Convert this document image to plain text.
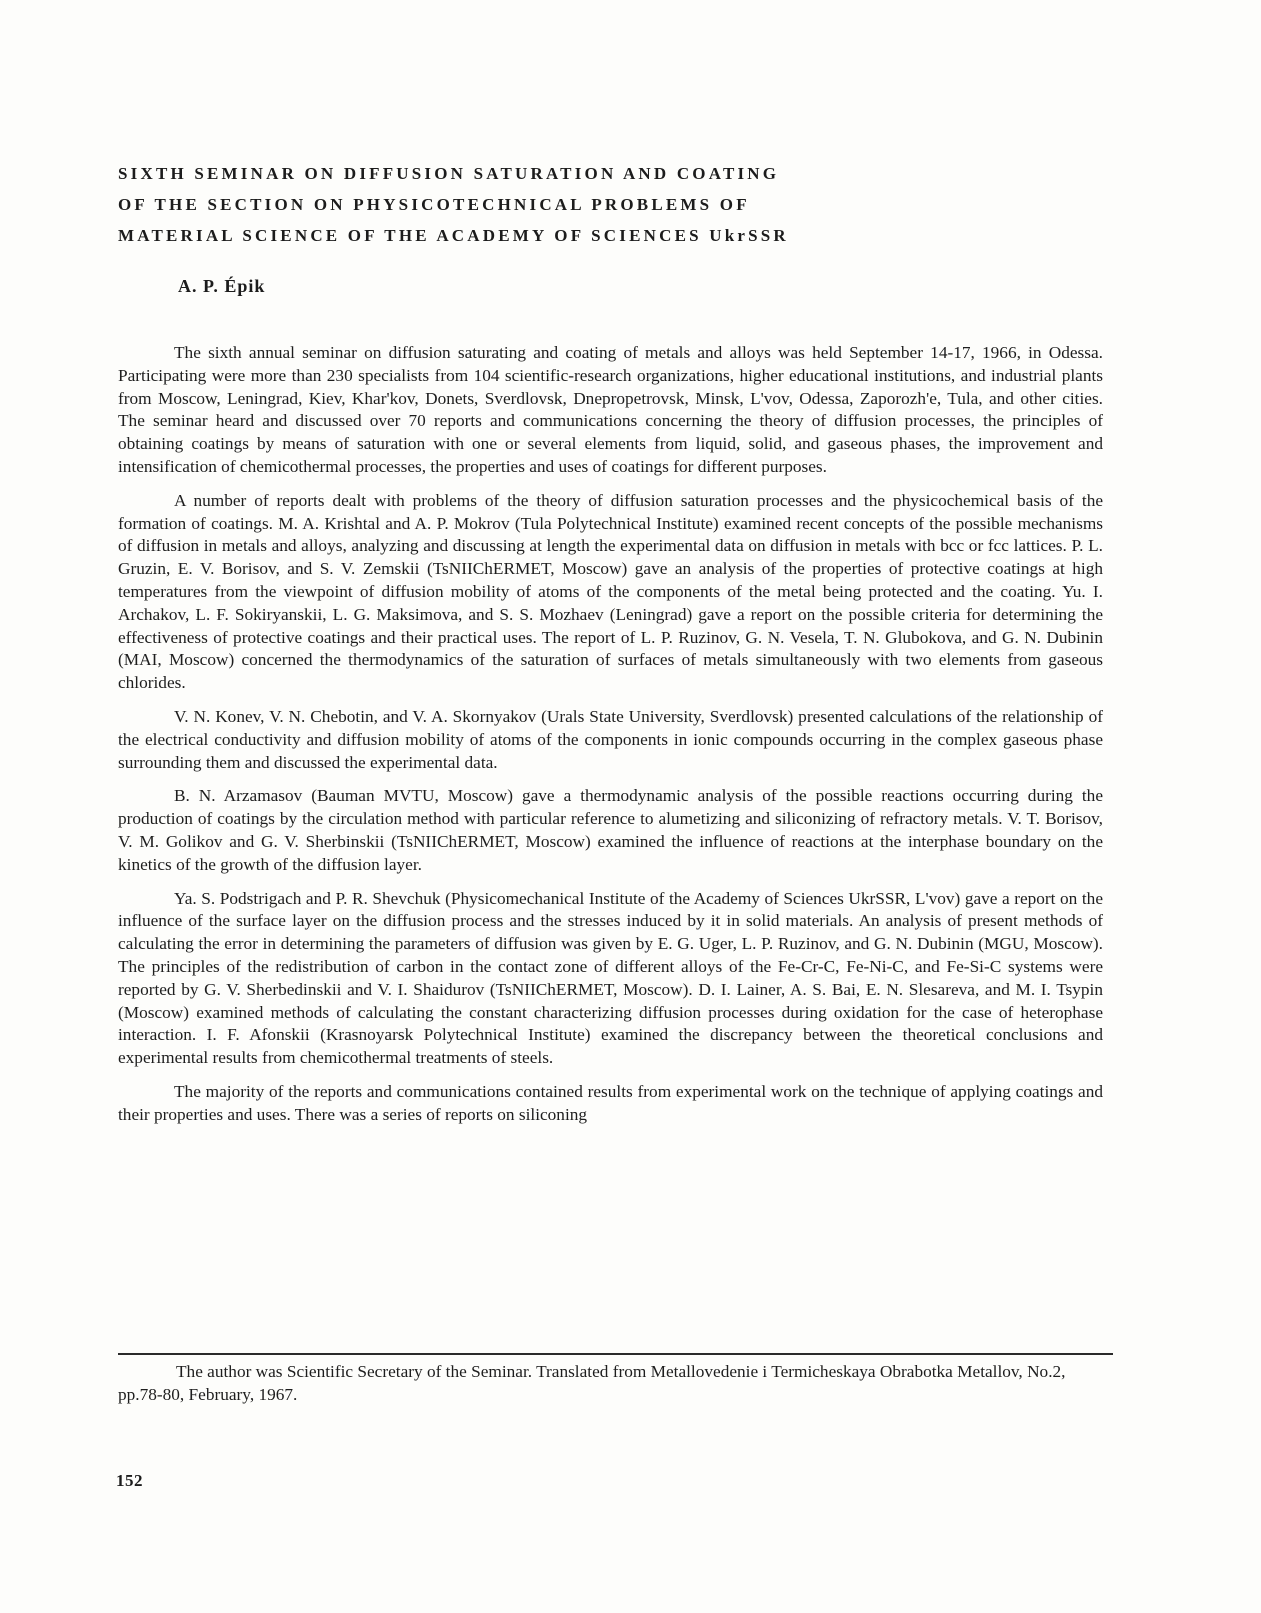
SIXTH SEMINAR ON DIFFUSION SATURATION AND COATING
OF THE SECTION ON PHYSICOTECHNICAL PROBLEMS OF
MATERIAL SCIENCE OF THE ACADEMY OF SCIENCES UkrSSR

A. P. Épik

The sixth annual seminar on diffusion saturating and coating of metals and alloys was held September 14-17, 1966, in Odessa. Participating were more than 230 specialists from 104 scientific-research organizations, higher educational institutions, and industrial plants from Moscow, Leningrad, Kiev, Khar'kov, Donets, Sverdlovsk, Dnepropetrovsk, Minsk, L'vov, Odessa, Zaporozh'e, Tula, and other cities. The seminar heard and discussed over 70 reports and communications concerning the theory of diffusion processes, the principles of obtaining coatings by means of saturation with one or several elements from liquid, solid, and gaseous phases, the improvement and intensification of chemicothermal processes, the properties and uses of coatings for different purposes.

A number of reports dealt with problems of the theory of diffusion saturation processes and the physicochemical basis of the formation of coatings. M. A. Krishtal and A. P. Mokrov (Tula Polytechnical Institute) examined recent concepts of the possible mechanisms of diffusion in metals and alloys, analyzing and discussing at length the experimental data on diffusion in metals with bcc or fcc lattices. P. L. Gruzin, E. V. Borisov, and S. V. Zemskii (TsNIIChERMET, Moscow) gave an analysis of the properties of protective coatings at high temperatures from the viewpoint of diffusion mobility of atoms of the components of the metal being protected and the coating. Yu. I. Archakov, L. F. Sokiryanskii, L. G. Maksimova, and S. S. Mozhaev (Leningrad) gave a report on the possible criteria for determining the effectiveness of protective coatings and their practical uses. The report of L. P. Ruzinov, G. N. Vesela, T. N. Glubokova, and G. N. Dubinin (MAI, Moscow) concerned the thermodynamics of the saturation of surfaces of metals simultaneously with two elements from gaseous chlorides.

V. N. Konev, V. N. Chebotin, and V. A. Skornyakov (Urals State University, Sverdlovsk) presented calculations of the relationship of the electrical conductivity and diffusion mobility of atoms of the components in ionic compounds occurring in the complex gaseous phase surrounding them and discussed the experimental data.

B. N. Arzamasov (Bauman MVTU, Moscow) gave a thermodynamic analysis of the possible reactions occurring during the production of coatings by the circulation method with particular reference to alumetizing and siliconizing of refractory metals. V. T. Borisov, V. M. Golikov and G. V. Sherbinskii (TsNIIChERMET, Moscow) examined the influence of reactions at the interphase boundary on the kinetics of the growth of the diffusion layer.

Ya. S. Podstrigach and P. R. Shevchuk (Physicomechanical Institute of the Academy of Sciences UkrSSR, L'vov) gave a report on the influence of the surface layer on the diffusion process and the stresses induced by it in solid materials. An analysis of present methods of calculating the error in determining the parameters of diffusion was given by E. G. Uger, L. P. Ruzinov, and G. N. Dubinin (MGU, Moscow). The principles of the redistribution of carbon in the contact zone of different alloys of the Fe-Cr-C, Fe-Ni-C, and Fe-Si-C systems were reported by G. V. Sherbedinskii and V. I. Shaidurov (TsNIIChERMET, Moscow). D. I. Lainer, A. S. Bai, E. N. Slesareva, and M. I. Tsypin (Moscow) examined methods of calculating the constant characterizing diffusion processes during oxidation for the case of heterophase interaction. I. F. Afonskii (Krasnoyarsk Polytechnical Institute) examined the discrepancy between the theoretical conclusions and experimental results from chemicothermal treatments of steels.

The majority of the reports and communications contained results from experimental work on the technique of applying coatings and their properties and uses. There was a series of reports on siliconing

The author was Scientific Secretary of the Seminar. Translated from Metallovedenie i Termicheskaya Obrabotka Metallov, No.2, pp.78-80, February, 1967.

152
